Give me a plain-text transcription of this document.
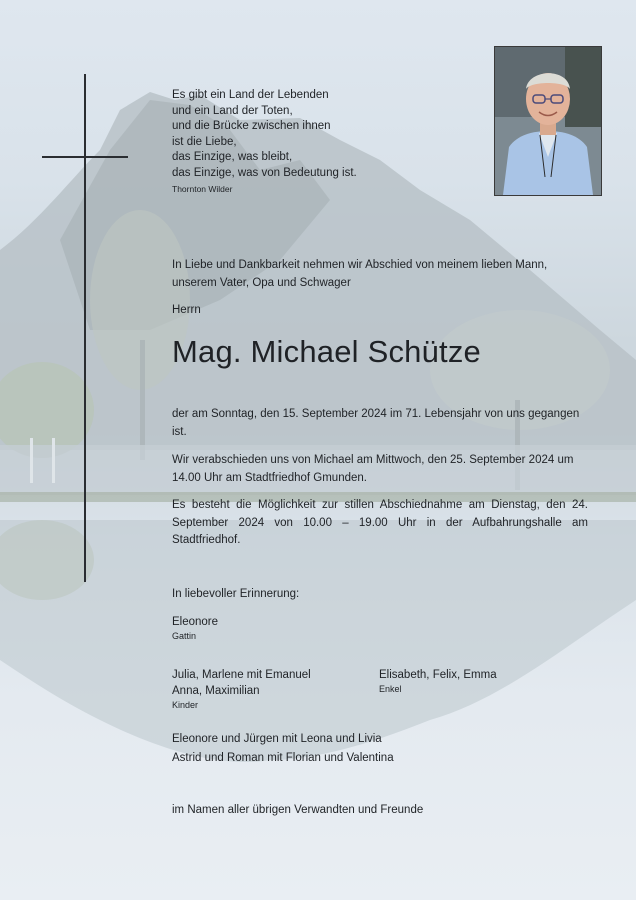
Es gibt ein Land der Lebenden
und ein Land der Toten,
und die Brücke zwischen ihnen
ist die Liebe,
das Einzige, was bleibt,
das Einzige, was von Bedeutung ist.
Thornton Wilder
In Liebe und Dankbarkeit nehmen wir Abschied von meinem lieben Mann, unserem Vater, Opa und Schwager
Herrn
Mag. Michael Schütze
der am Sonntag, den 15. September 2024 im 71. Lebensjahr von uns gegangen ist.
Wir verabschieden uns von Michael am Mittwoch, den 25. September 2024 um 14.00 Uhr am Stadtfriedhof Gmunden.
Es besteht die Möglichkeit zur stillen Abschiednahme am Dienstag, den 24. September 2024 von 10.00 – 19.00 Uhr in der Aufbahrungshalle am Stadtfriedhof.
In liebevoller Erinnerung:
Eleonore
Gattin
Julia, Marlene mit Emanuel
Anna, Maximilian
Kinder
Elisabeth, Felix, Emma
Enkel
Eleonore und Jürgen mit Leona und Livia
Astrid und Roman mit Florian und Valentina
im Namen aller übrigen Verwandten und Freunde
